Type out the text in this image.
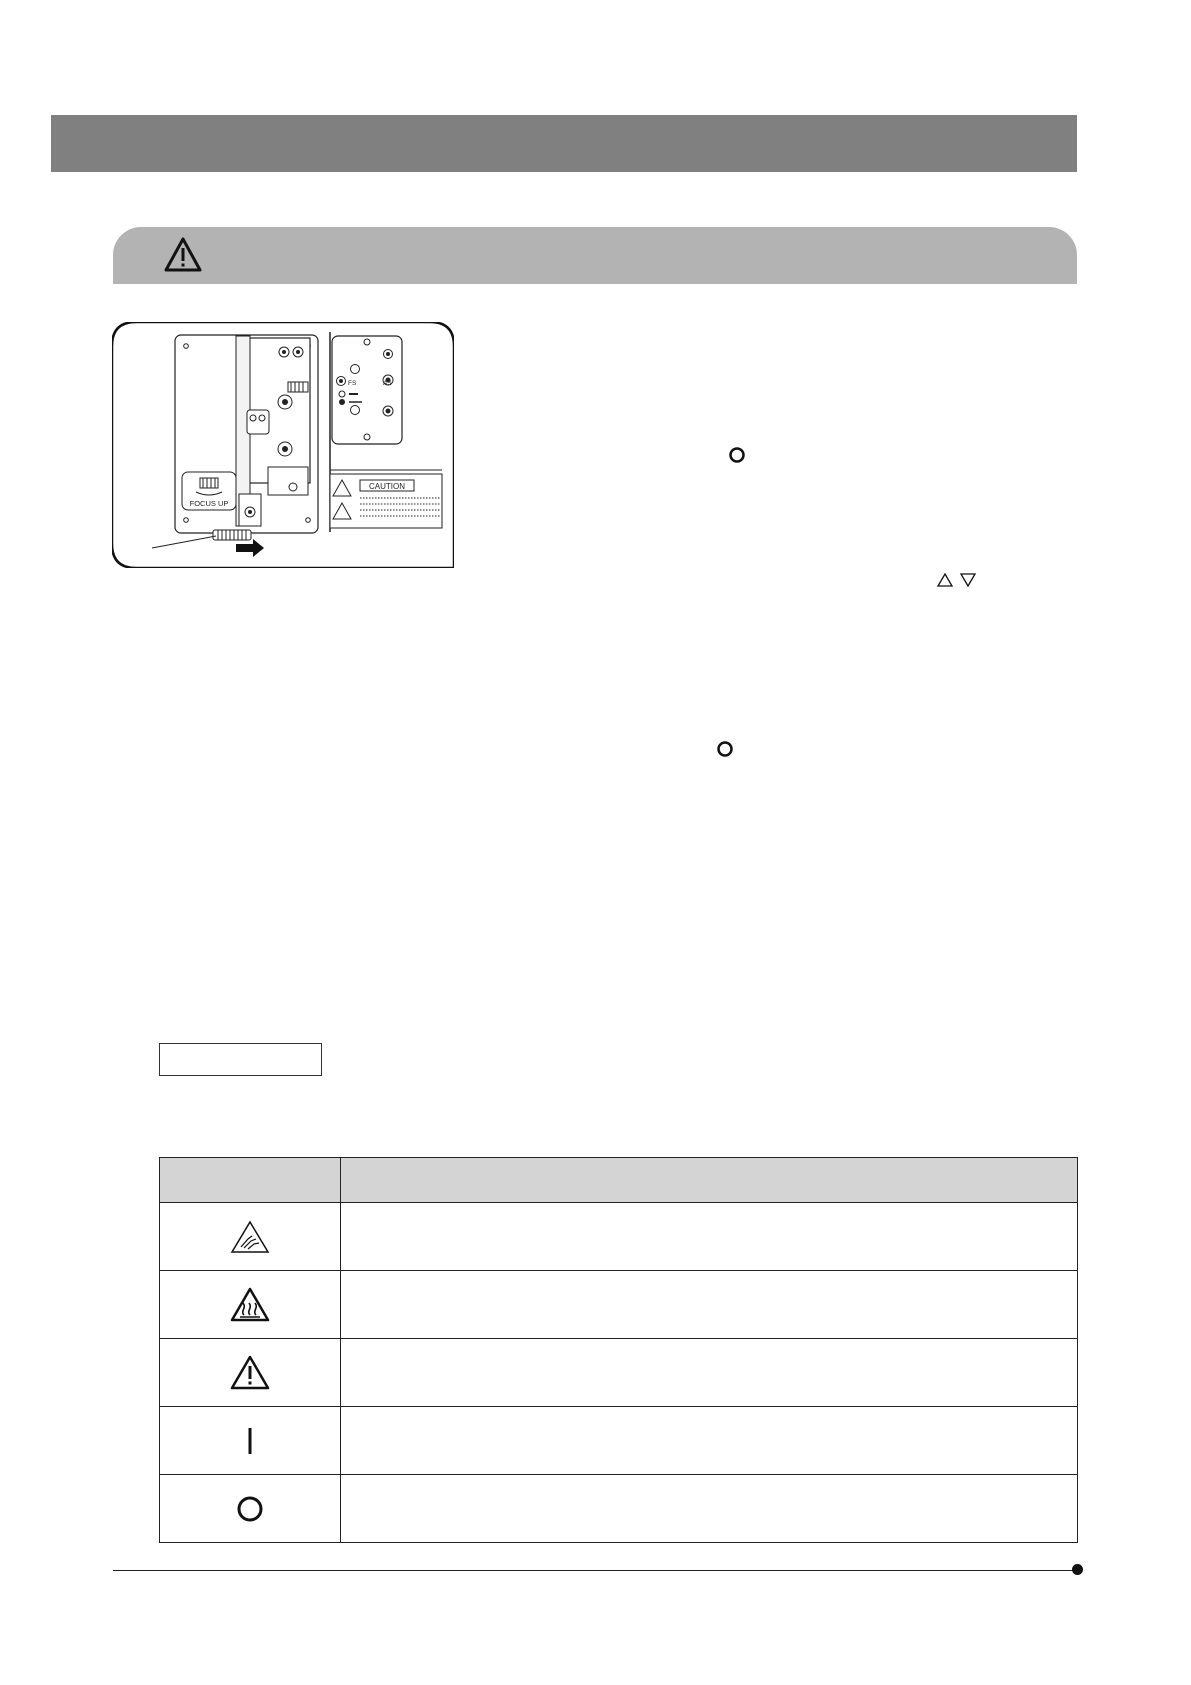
FOCUS UP
FS	AS
CAUTION
